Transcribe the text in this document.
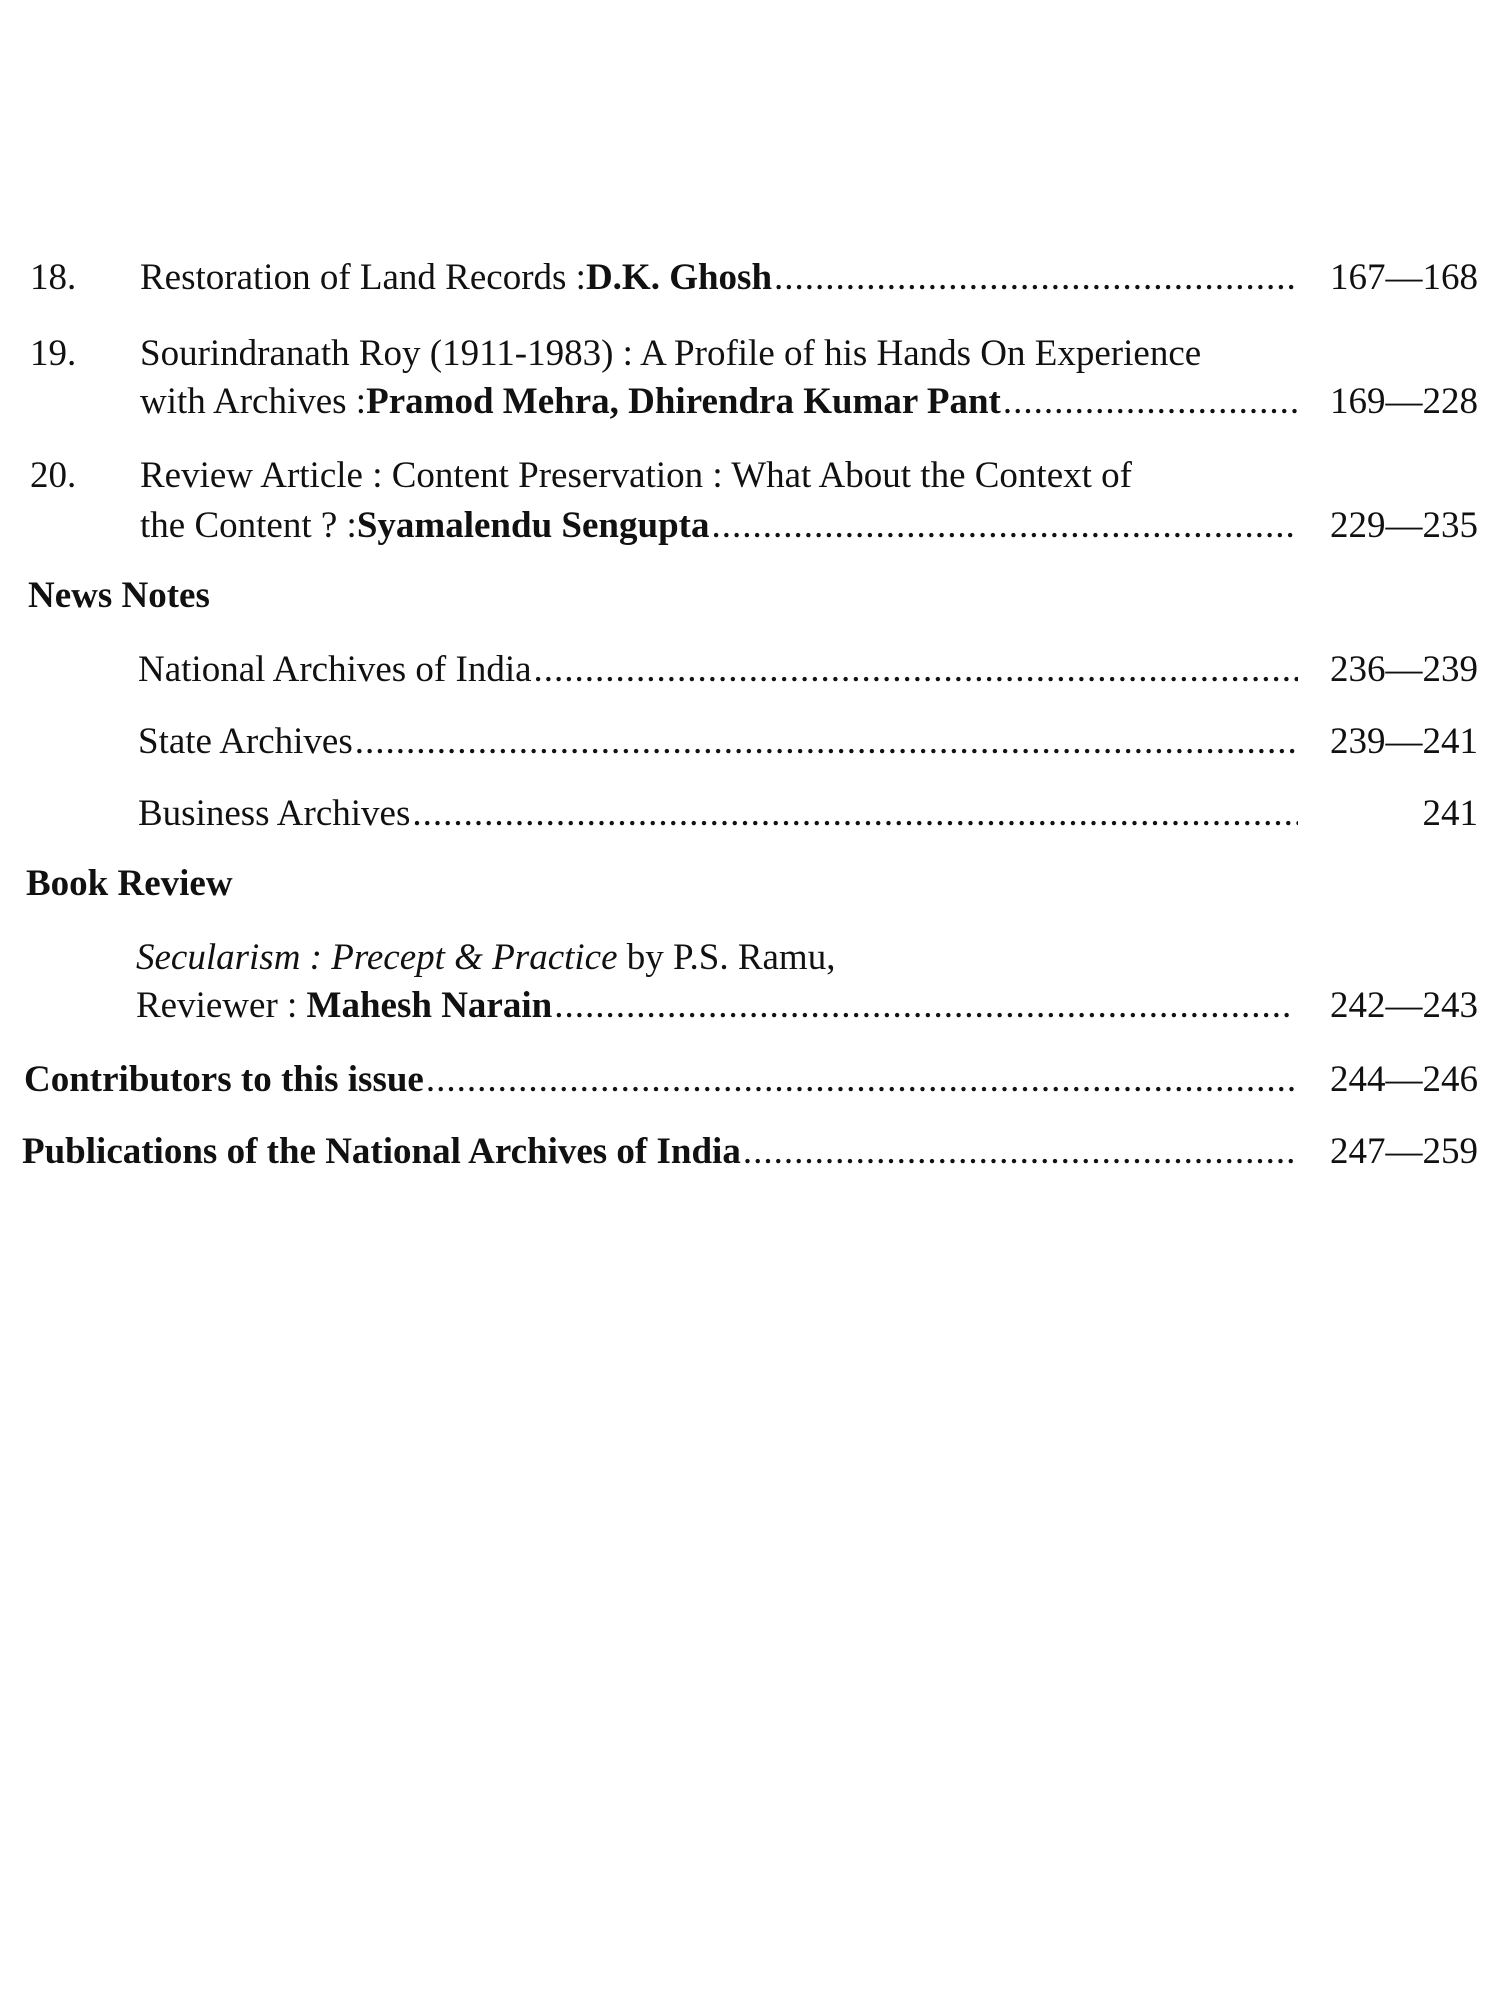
18. Restoration of Land Records : D.K. Ghosh .....	167—168
19. Sourindranath Roy (1911-1983) : A Profile of his Hands On Experience
with Archives : Pramod Mehra, Dhirendra Kumar Pant .....	169—228
20. Review Article : Content Preservation : What About the Context of
the Content ? : Syamalendu Sengupta .....	229—235
News Notes
National Archives of India .....	236—239
State Archives .....	239—241
Business Archives .....	241
Book Review
Secularism : Precept & Practice by P.S. Ramu,
Reviewer : Mahesh Narain .....	242—243
Contributors to this issue .....	244—246
Publications of the National Archives of India .....	247—259
